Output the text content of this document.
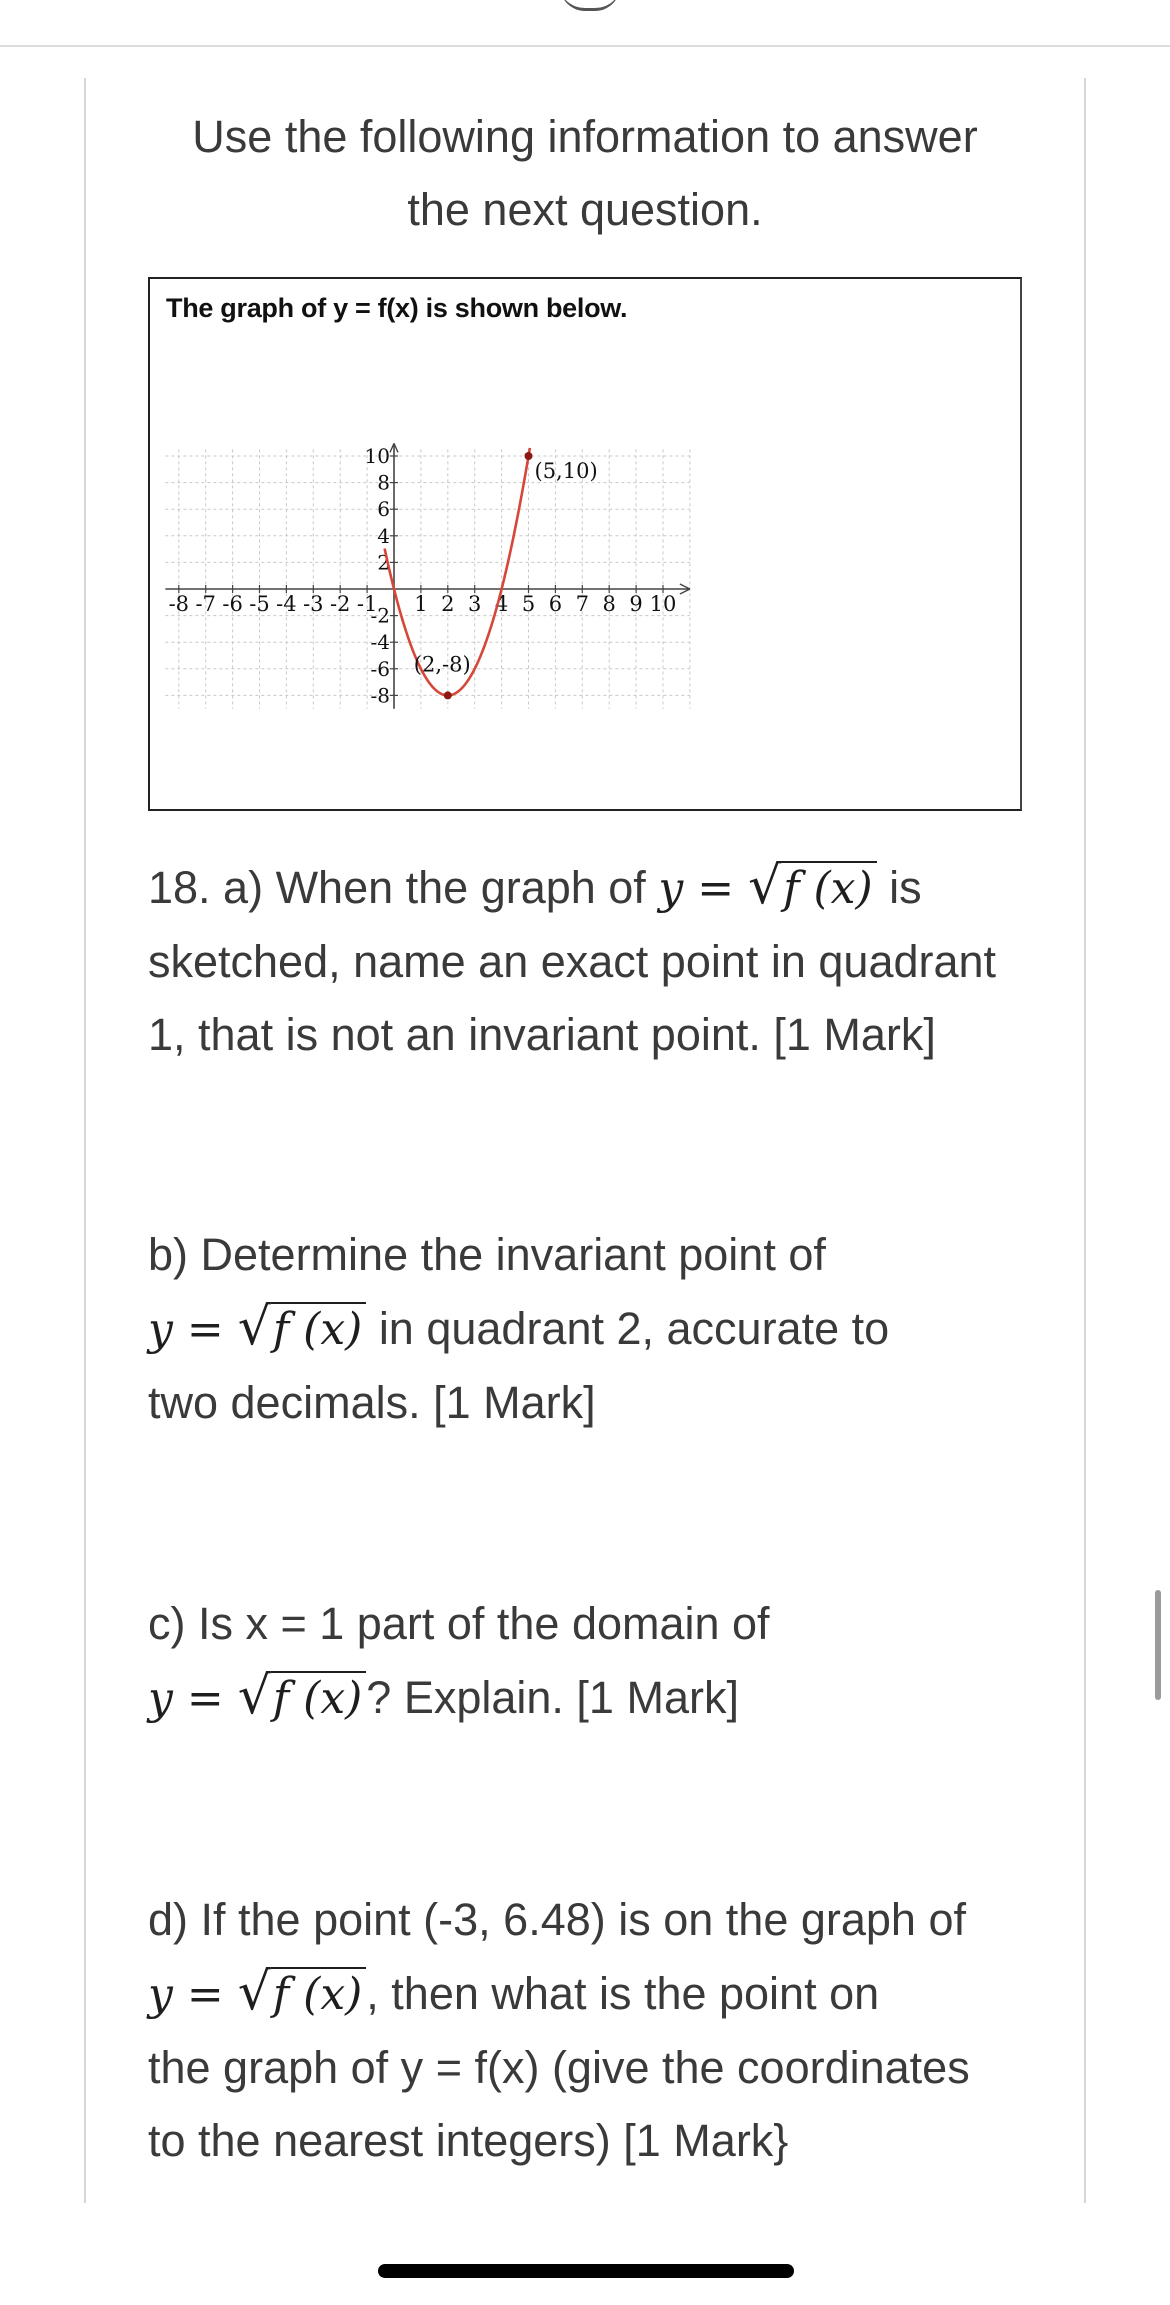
Use the following information to answer
the next question.
The graph of y = f(x) is shown below.
-8 -7 -6 -5 -4 -3 -2 -1 1 2 3 4 5 6 7 8 9 10
10
8
6
4
2
-2
-4
-6
-8
(5,10)
(2,-8)
18. a) When the graph of y = √f (x) is
sketched, name an exact point in quadrant
1, that is not an invariant point. [1 Mark]
b) Determine the invariant point of
y = √f (x) in quadrant 2, accurate to
two decimals. [1 Mark]
c) Is x = 1 part of the domain of
y = √f (x)? Explain. [1 Mark]
d) If the point (-3, 6.48) is on the graph of
y = √f (x), then what is the point on
the graph of y = f(x) (give the coordinates
to the nearest integers) [1 Mark}
